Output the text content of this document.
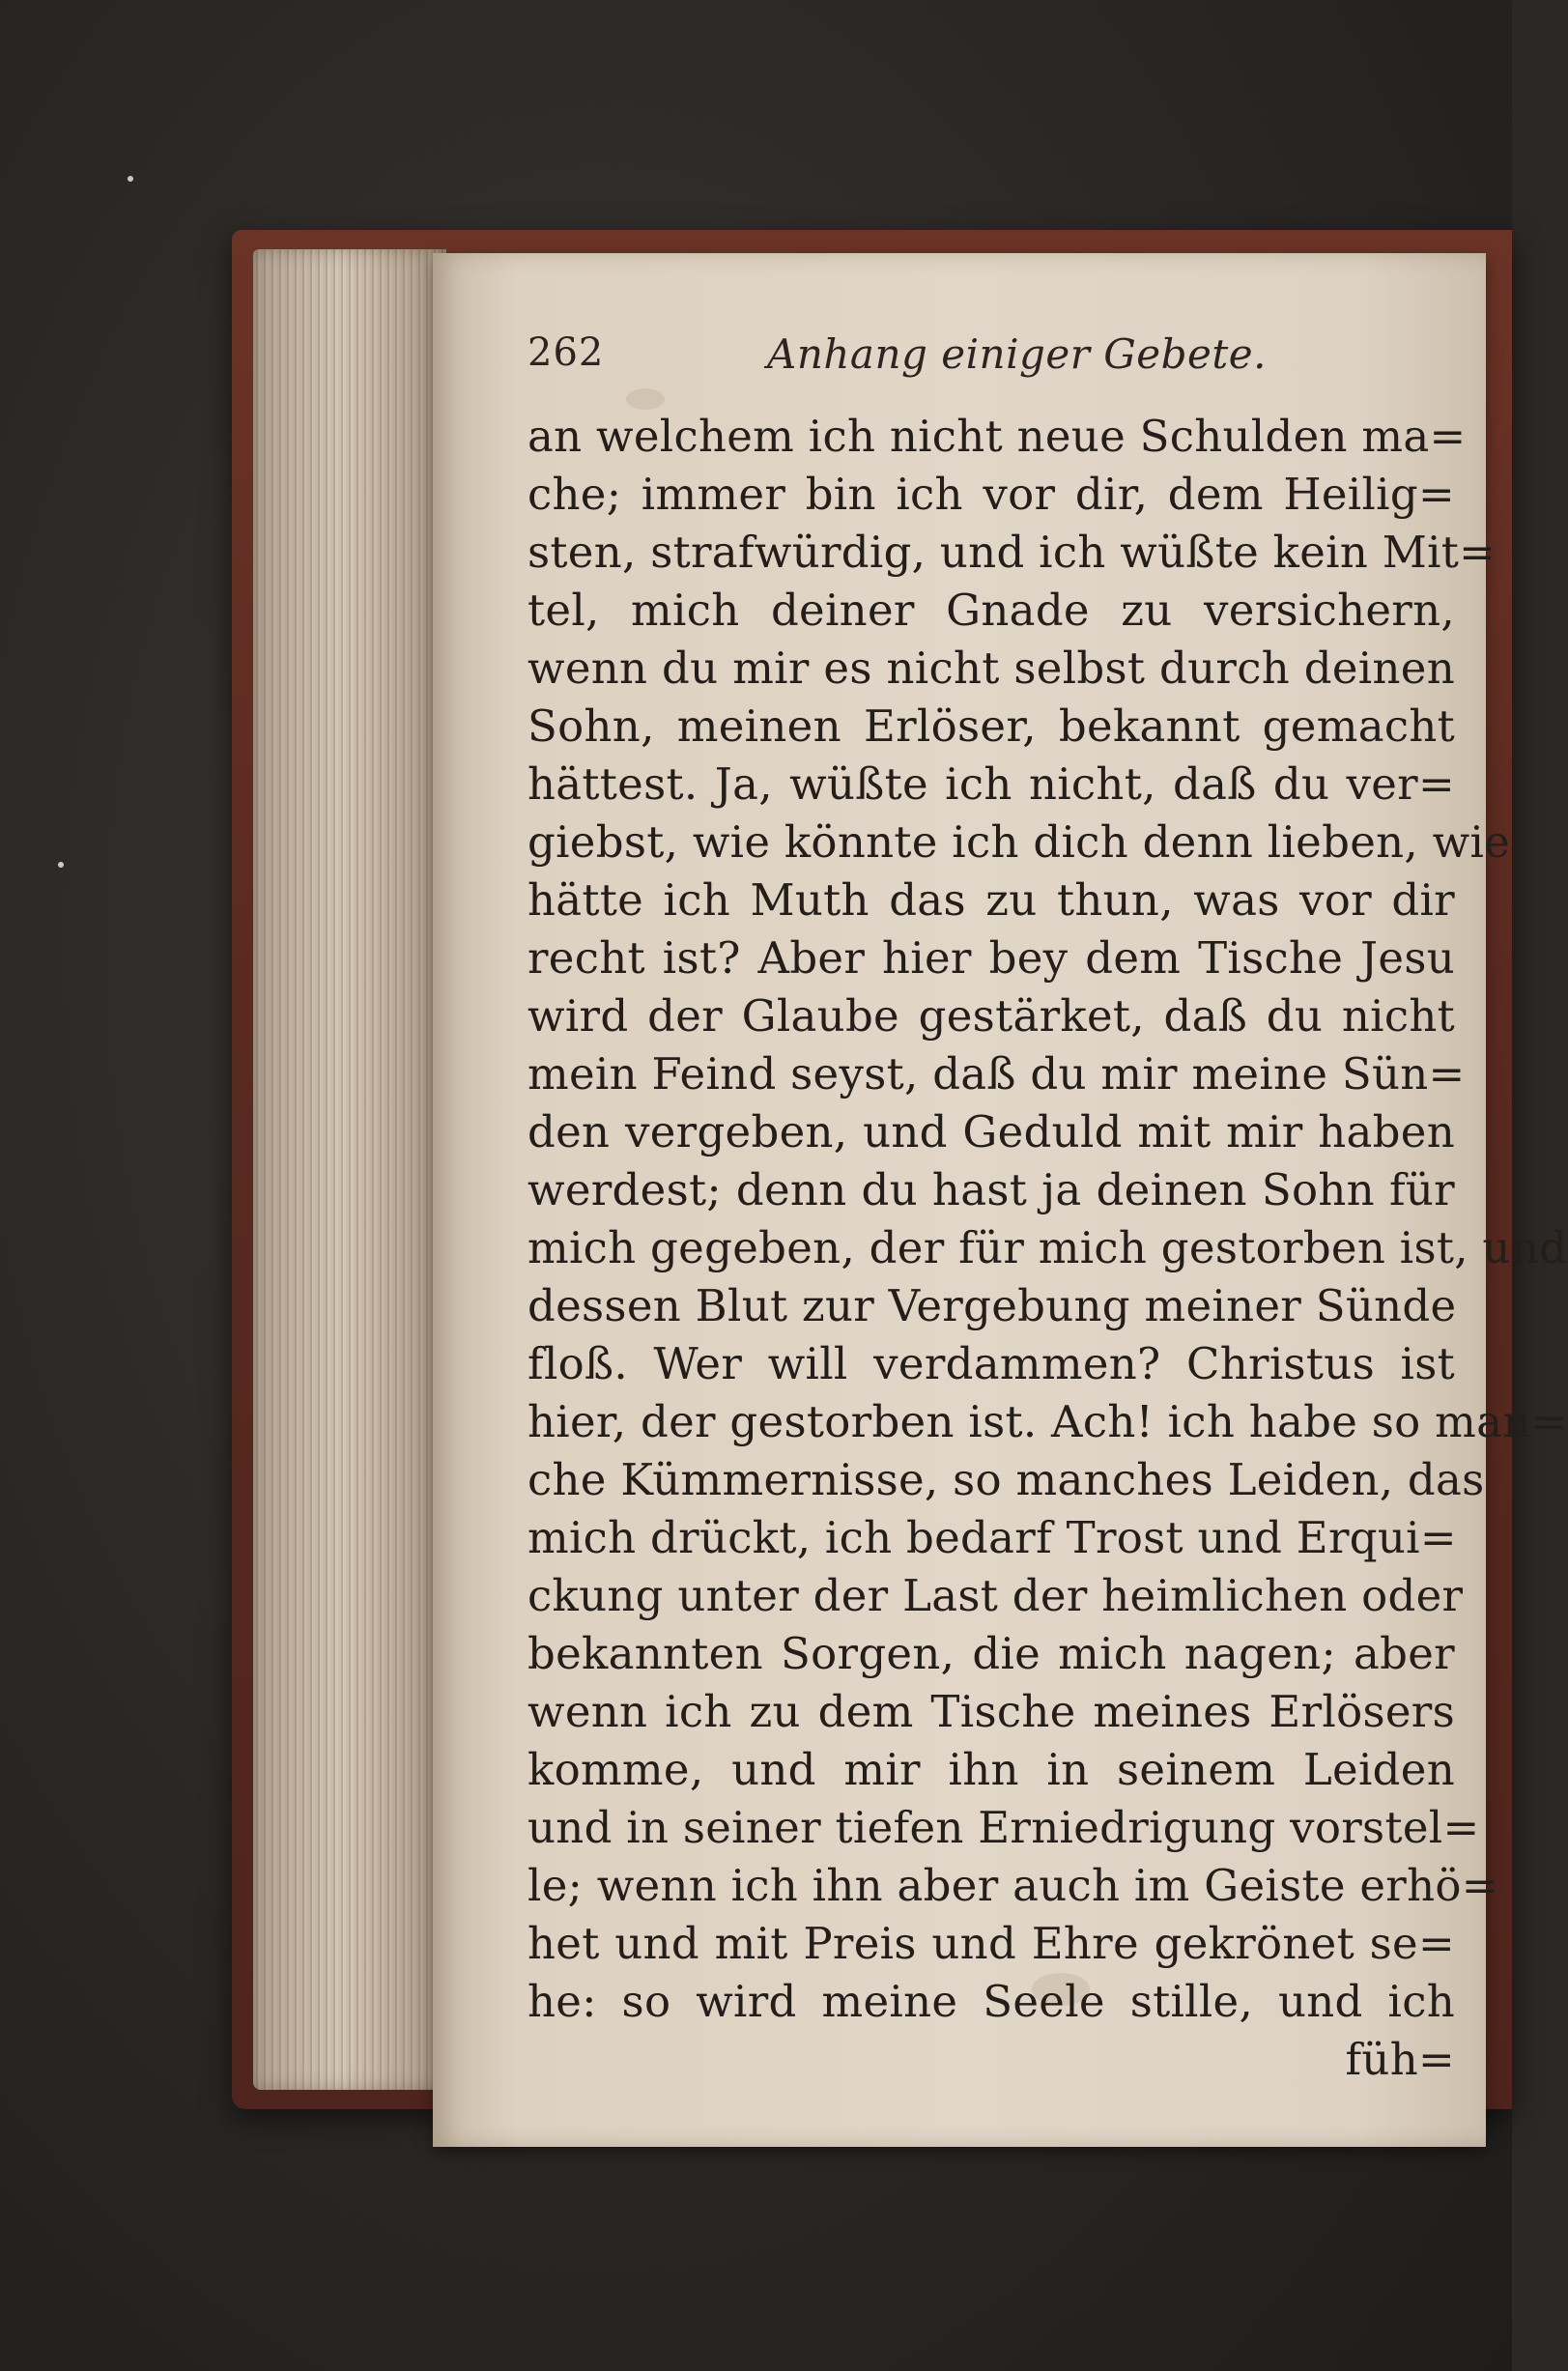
262	Anhang einiger Gebete.
an welchem ich nicht neue Schulden ma=
che; immer bin ich vor dir, dem Heilig=
sten, strafwürdig, und ich wüßte kein Mit=
tel, mich deiner Gnade zu versichern,
wenn du mir es nicht selbst durch deinen
Sohn, meinen Erlöser, bekannt gemacht
hättest. Ja, wüßte ich nicht, daß du ver=
giebst, wie könnte ich dich denn lieben, wie
hätte ich Muth das zu thun, was vor dir
recht ist? Aber hier bey dem Tische Jesu
wird der Glaube gestärket, daß du nicht
mein Feind seyst, daß du mir meine Sün=
den vergeben, und Geduld mit mir haben
werdest; denn du hast ja deinen Sohn für
mich gegeben, der für mich gestorben ist, und
dessen Blut zur Vergebung meiner Sünde
floß. Wer will verdammen? Christus ist
hier, der gestorben ist. Ach! ich habe so man=
che Kümmernisse, so manches Leiden, das
mich drückt, ich bedarf Trost und Erqui=
ckung unter der Last der heimlichen oder
bekannten Sorgen, die mich nagen; aber
wenn ich zu dem Tische meines Erlösers
komme, und mir ihn in seinem Leiden
und in seiner tiefen Erniedrigung vorstel=
le; wenn ich ihn aber auch im Geiste erhö=
het und mit Preis und Ehre gekrönet se=
he: so wird meine Seele stille, und ich
füh=
